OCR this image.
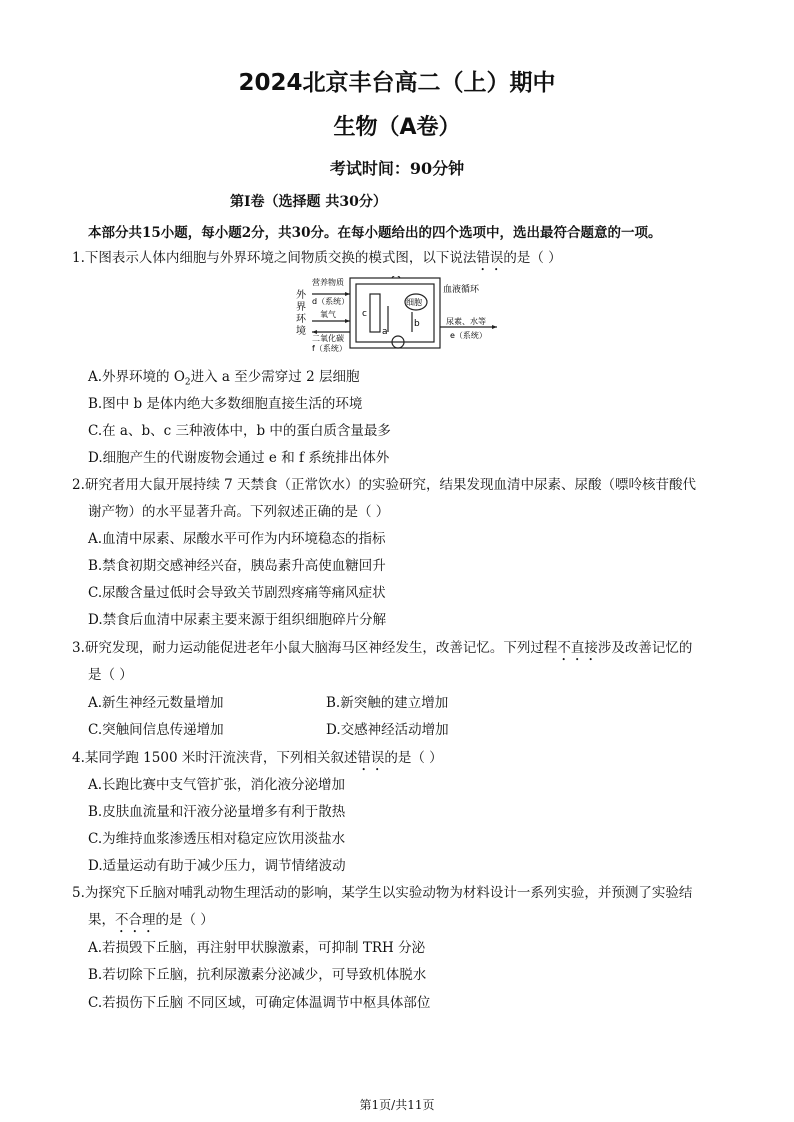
2024北京丰台高二（上）期中
生物（A卷）
考试时间：90分钟
第I卷（选择题 共30分）
本部分共15小题，每小题2分，共30分。在每小题给出的四个选项中，选出最符合题意的一项。
1.下图表示人体内细胞与外界环境之间物质交换的模式图，以下说法错误的是（ ）
外
界
环
境
营养物质
d（系统）
氧气
二氧化碳
f（系统）
细胞
血液循环
尿素、水等
e（系统）
a
b
c
A.外界环境的 $O_2$进入 a 至少需穿过 2 层细胞
B.图中 b 是体内绝大多数细胞直接生活的环境
C.在 a、b、c 三种液体中，b 中的蛋白质含量最多
D.细胞产生的代谢废物会通过 e 和 f 系统排出体外
2.研究者用大鼠开展持续 7 天禁食（正常饮水）的实验研究，结果发现血清中尿素、尿酸（嘌呤核苷酸代
谢产物）的水平显著升高。下列叙述正确的是（ ）
A.血清中尿素、尿酸水平可作为内环境稳态的指标
B.禁食初期交感神经兴奋，胰岛素升高使血糖回升
C.尿酸含量过低时会导致关节剧烈疼痛等痛风症状
D.禁食后血清中尿素主要来源于组织细胞碎片分解
3.研究发现，耐力运动能促进老年小鼠大脑海马区神经发生，改善记忆。下列过程不直接涉及改善记忆的
是（ ）
A.新生神经元数量增加	B.新突触的建立增加
C.突触间信息传递增加	D.交感神经活动增加
4.某同学跑 1500 米时汗流浃背，下列相关叙述错误的是（ ）
A.长跑比赛中支气管扩张，消化液分泌增加
B.皮肤血流量和汗液分泌量增多有利于散热
C.为维持血浆渗透压相对稳定应饮用淡盐水
D.适量运动有助于减少压力，调节情绪波动
5.为探究下丘脑对哺乳动物生理活动的影响，某学生以实验动物为材料设计一系列实验，并预测了实验结
果，不合理的是（ ）
A.若损毁下丘脑，再注射甲状腺激素，可抑制 TRH 分泌
B.若切除下丘脑，抗利尿激素分泌减少，可导致机体脱水
C.若损伤下丘脑 不同区域，可确定体温调节中枢具体部位
第1页/共11页
